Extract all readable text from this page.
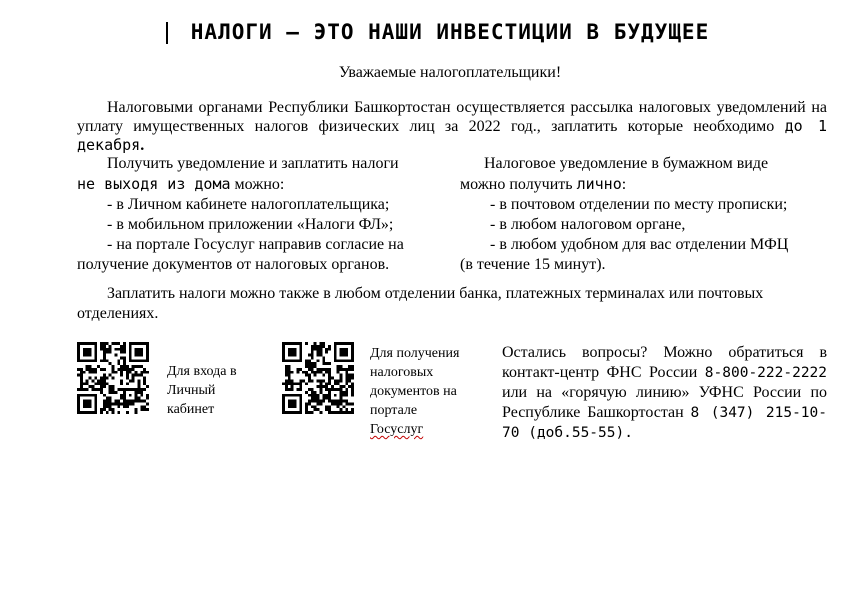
НАЛОГИ – ЭТО НАШИ ИНВЕСТИЦИИ В БУДУЩЕЕ
Уважаемые налогоплательщики!
Налоговыми органами Республики Башкортостан осуществляется рассылка налоговых уведомлений на уплату имущественных налогов физических лиц за 2022 год., заплатить которые необходимо до 1 декабря.
Получить уведомление и заплатить налоги
не выходя из дома можно:
- в Личном кабинете налогоплательщика;
- в мобильном приложении «Налоги ФЛ»;
- на портале Госуслуг направив согласие на
получение документов от налоговых органов.
Налоговое уведомление в бумажном виде
можно получить лично:
- в почтовом отделении по месту прописки;
- в любом налоговом органе,
- в любом удобном для вас отделении МФЦ
(в течение 15 минут).
Заплатить налоги можно также в любом отделении банка, платежных терминалах или почтовых отделениях.
Для входа в
Личный
кабинет
Для получения
налоговых
документов на
портале
Госуслуг
Остались вопросы? Можно обратиться в контакт-центр ФНС России 8-800-222-2222 или на «горячую линию» УФНС России по Республике Башкортостан 8 (347) 215-10-70 (доб.55-55).
